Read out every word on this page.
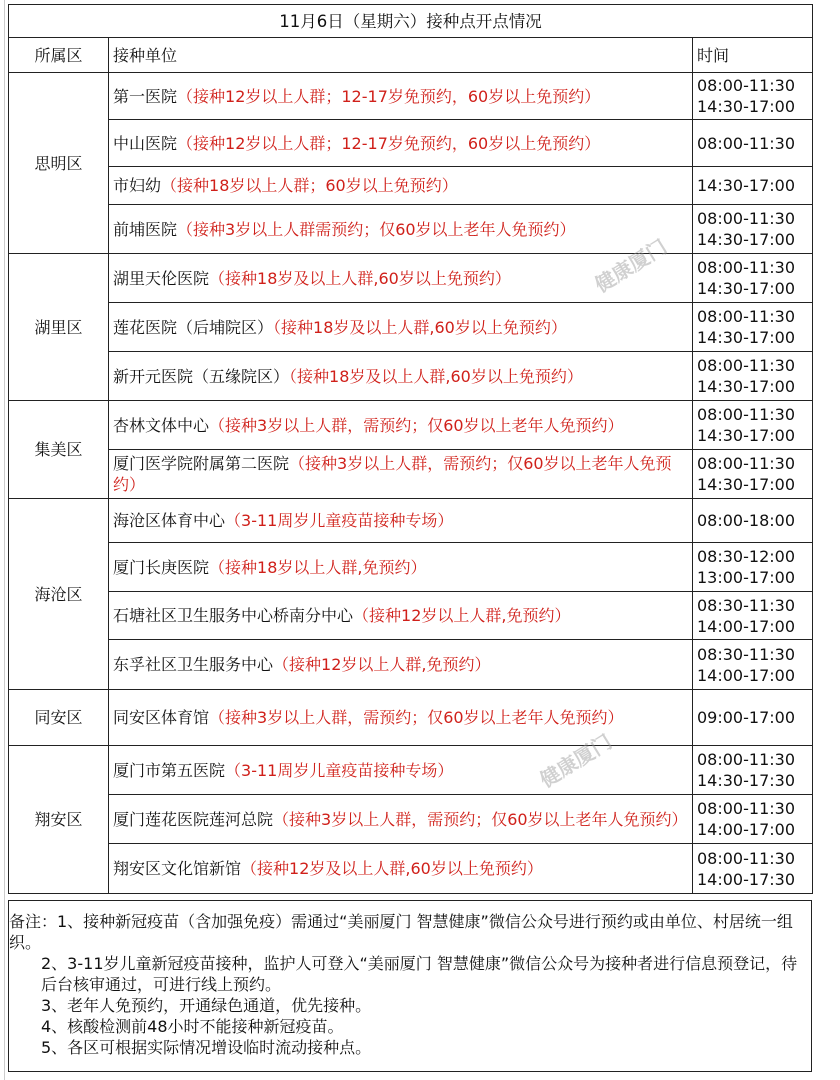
11月6日（星期六）接种点开点情况		
所属区	接种单位	时间
思明区	第一医院（接种12岁以上人群；12-17岁免预约，60岁以上免预约）	08:00-11:30
14:30-17:00

	中山医院（接种12岁以上人群；12-17岁免预约，60岁以上免预约）	08:00-11:30

	市妇幼（接种18岁以上人群；60岁以上免预约）	14:30-17:00

	前埔医院（接种3岁以上人群需预约；仅60岁以上老年人免预约）	08:00-11:30
14:30-17:00

湖里区	湖里天伦医院（接种18岁及以上人群,60岁以上免预约）	08:00-11:30
14:30-17:00

	莲花医院（后埔院区）（接种18岁及以上人群,60岁以上免预约）	08:00-11:30
14:30-17:00

	新开元医院（五缘院区）（接种18岁及以上人群,60岁以上免预约）	08:00-11:30
14:30-17:00

集美区	杏林文体中心（接种3岁以上人群，需预约；仅60岁以上老年人免预约）	08:00-11:30
14:30-17:00

	厦门医学院附属第二医院（接种3岁以上人群，需预约；仅60岁以上老年人免预约）	08:00-11:30
14:30-17:00

海沧区	海沧区体育中心（3-11周岁儿童疫苗接种专场）	08:00-18:00

	厦门长庚医院（接种18岁以上人群,免预约）	08:30-12:00
13:00-17:00

	石塘社区卫生服务中心桥南分中心（接种12岁以上人群,免预约）	08:30-11:30
14:00-17:00

	东孚社区卫生服务中心（接种12岁以上人群,免预约）	08:30-11:30
14:00-17:00

同安区	同安区体育馆（接种3岁以上人群，需预约；仅60岁以上老年人免预约）	09:00-17:00

翔安区	厦门市第五医院（3-11周岁儿童疫苗接种专场）	08:00-11:30
14:30-17:30

	厦门莲花医院莲河总院（接种3岁以上人群，需预约；仅60岁以上老年人免预约）	08:00-11:30
14:00-17:00

	翔安区文化馆新馆（接种12岁及以上人群,60岁以上免预约）	08:00-11:30
14:00-17:30

备注：1、接种新冠疫苗（含加强免疫）需通过“美丽厦门 智慧健康”微信公众号进行预约或由单位、村居统一组织。

2、3-11岁儿童新冠疫苗接种，监护人可登入“美丽厦门 智慧健康”微信公众号为接种者进行信息预登记，待后台核审通过，可进行线上预约。

3、老年人免预约，开通绿色通道，优先接种。

4、核酸检测前48小时不能接种新冠疫苗。

5、各区可根据实际情况增设临时流动接种点。

健康厦门
健康厦门
